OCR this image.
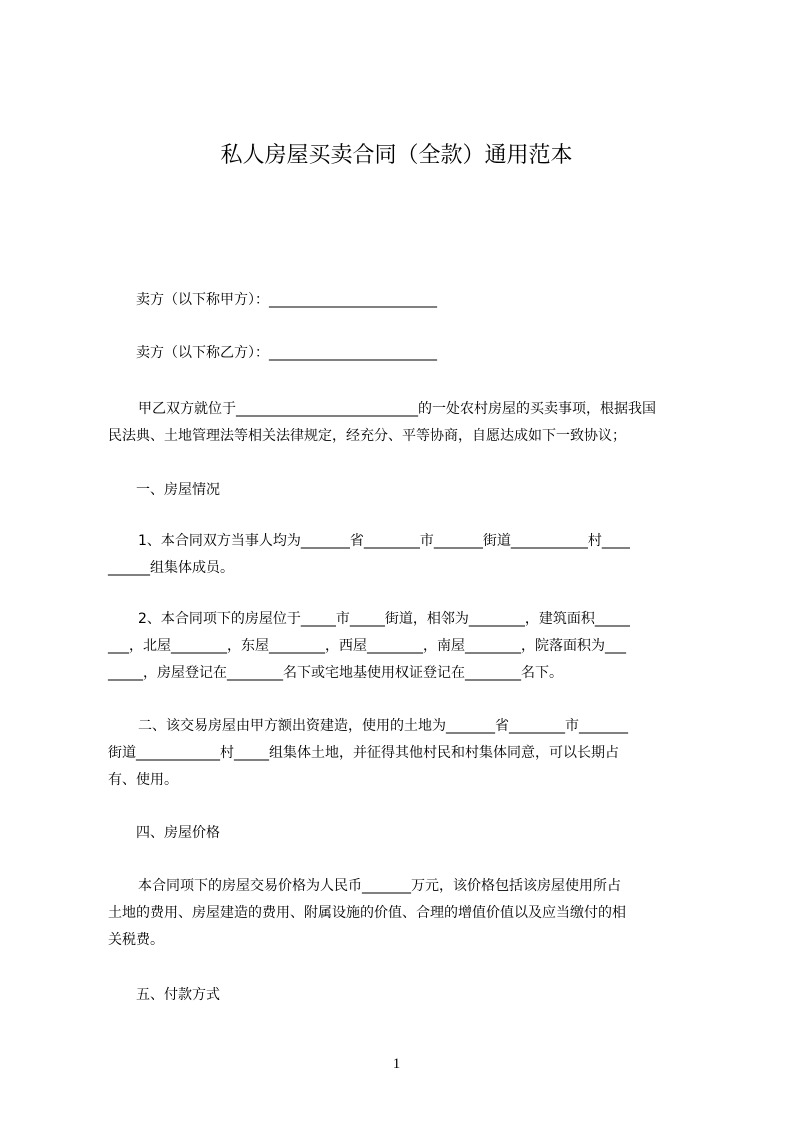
私人房屋买卖合同（全款）通用范本
卖方（以下称甲方）：________________________
卖方（以下称乙方）：________________________
甲乙双方就位于__________________________的一处农村房屋的买卖事项，根据我国
民法典、土地管理法等相关法律规定，经充分、平等协商，自愿达成如下一致协议；
一、房屋情况
1、本合同双方当事人均为_______省________市_______街道___________村____
______组集体成员。
2、本合同项下的房屋位于_____市_____街道，相邻为________，建筑面积_____
___，北屋________，东屋________，西屋________，南屋________，院落面积为___
_____，房屋登记在________名下或宅地基使用权证登记在________名下。
二、该交易房屋由甲方额出资建造，使用的土地为_______省________市_______
街道____________村_____组集体土地，并征得其他村民和村集体同意，可以长期占
有、使用。
四、房屋价格
本合同项下的房屋交易价格为人民币_______万元，该价格包括该房屋使用所占
土地的费用、房屋建造的费用、附属设施的价值、合理的增值价值以及应当缴付的相
关税费。
五、付款方式
1
